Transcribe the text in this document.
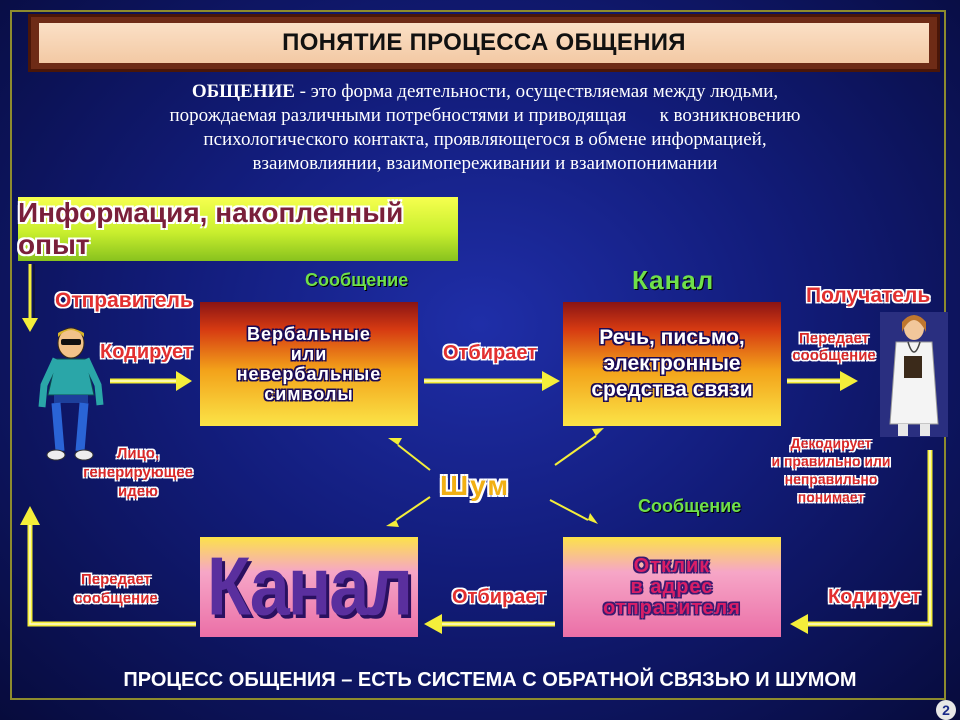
ПОНЯТИЕ ПРОЦЕССА ОБЩЕНИЯ
ОБЩЕНИЕ - это форма деятельности, осуществляемая между людьми,
порождаемая различными потребностями и приводящая       к возникновению
психологического контакта, проявляющегося в обмене информацией,
взаимовлиянии, взаимопереживании и взаимопонимании
Информация, накопленный опыт
Сообщение	Канал
Отправитель	Получатель
Кодирует	Отбирает
Передает
сообщение
Лицо,
генерирующее
идею
Декодирует
и правильно или
неправильно
понимает
Сообщение
Передает
сообщение	Отбирает	Кодирует
Шум
Вербальные
или
невербальные
символы
Речь, письмо,
электронные
средства связи
Канал	Отклик
в адрес
отправителя
ПРОЦЕСС ОБЩЕНИЯ – ЕСТЬ СИСТЕМА С ОБРАТНОЙ СВЯЗЬЮ И ШУМОМ
2
